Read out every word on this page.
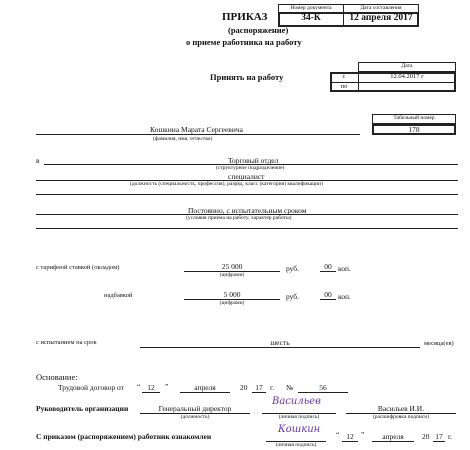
ПРИКАЗ
(распоряжение)
о приеме работника на работу
Номер документа	Дата составления
34-К	12 апреля 2017
Принять на работу
Дата
с	12.04.2017 г
по
Табельный номер
178
Кошкина Марата Сергеевича
(фамилия, имя, отчество)
в	Торговый отдел
(структурное подразделение)
специалист
(должность (специальность, профессия), разряд, класс (категория) квалификации)
Постоянно, с испытательным сроком
(условия приема на работу, характер работы)
с тарифной ставкой (окладом)	25 000
(цифрами)
руб.	00 коп.
надбавкой	5 000
(цифрами)
руб.	00 коп.
с испытанием на срок	шесть	месяца(ев)
Основание:
Трудовой договор от “ 12	”	апреля	20	17 г. №	56
Руководитель организации	Генеральный директор
(должность)
Васильев
(личная подпись)
Васильев И.И.
(расшифровка подписи)
С приказом (распоряжением) работник ознакомлен
Кошкин
(личная подпись)
“ 12 ”	апреля	20 17 г.
